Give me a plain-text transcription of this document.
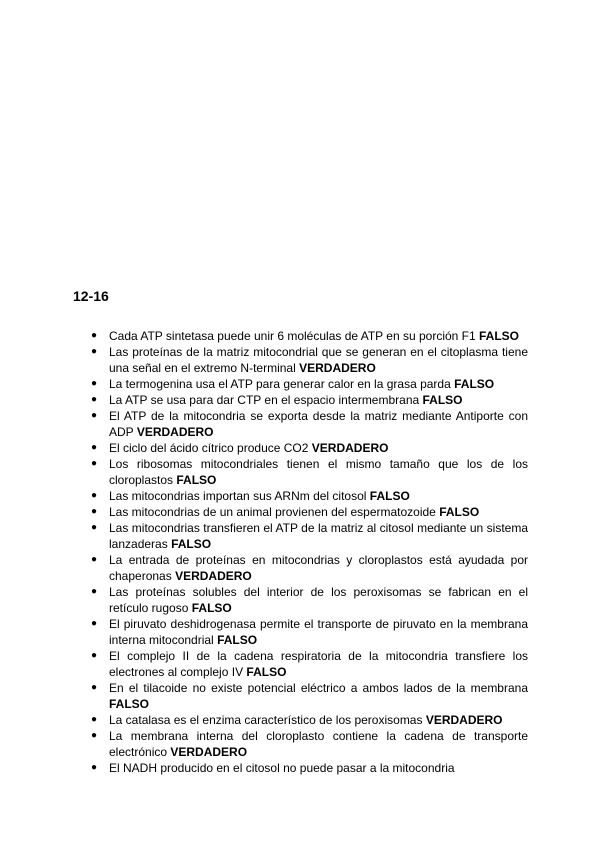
12-16
● Cada ATP sintetasa puede unir 6 moléculas de ATP en su porción F1 FALSO
● Las proteínas de la matriz mitocondrial que se generan en el citoplasma tiene una señal en el extremo N-terminal VERDADERO
● La termogenina usa el ATP para generar calor en la grasa parda FALSO
● La ATP se usa para dar CTP en el espacio intermembrana FALSO
● El ATP de la mitocondria se exporta desde la matriz mediante Antiporte con ADP VERDADERO
● El ciclo del ácido cítrico produce CO2 VERDADERO
● Los ribosomas mitocondriales tienen el mismo tamaño que los de los cloroplastos FALSO
● Las mitocondrias importan sus ARNm del citosol FALSO
● Las mitocondrias de un animal provienen del espermatozoide FALSO
● Las mitocondrias transfieren el ATP de la matriz al citosol mediante un sistema lanzaderas FALSO
● La entrada de proteínas en mitocondrias y cloroplastos está ayudada por chaperonas VERDADERO
● Las proteínas solubles del interior de los peroxisomas se fabrican en el retículo rugoso FALSO
● El piruvato deshidrogenasa permite el transporte de piruvato en la membrana interna mitocondrial FALSO
● El complejo II de la cadena respiratoria de la mitocondria transfiere los electrones al complejo IV FALSO
● En el tilacoide no existe potencial eléctrico a ambos lados de la membrana FALSO
● La catalasa es el enzima característico de los peroxisomas VERDADERO
● La membrana interna del cloroplasto contiene la cadena de transporte electrónico VERDADERO
● El NADH producido en el citosol no puede pasar a la mitocondria
